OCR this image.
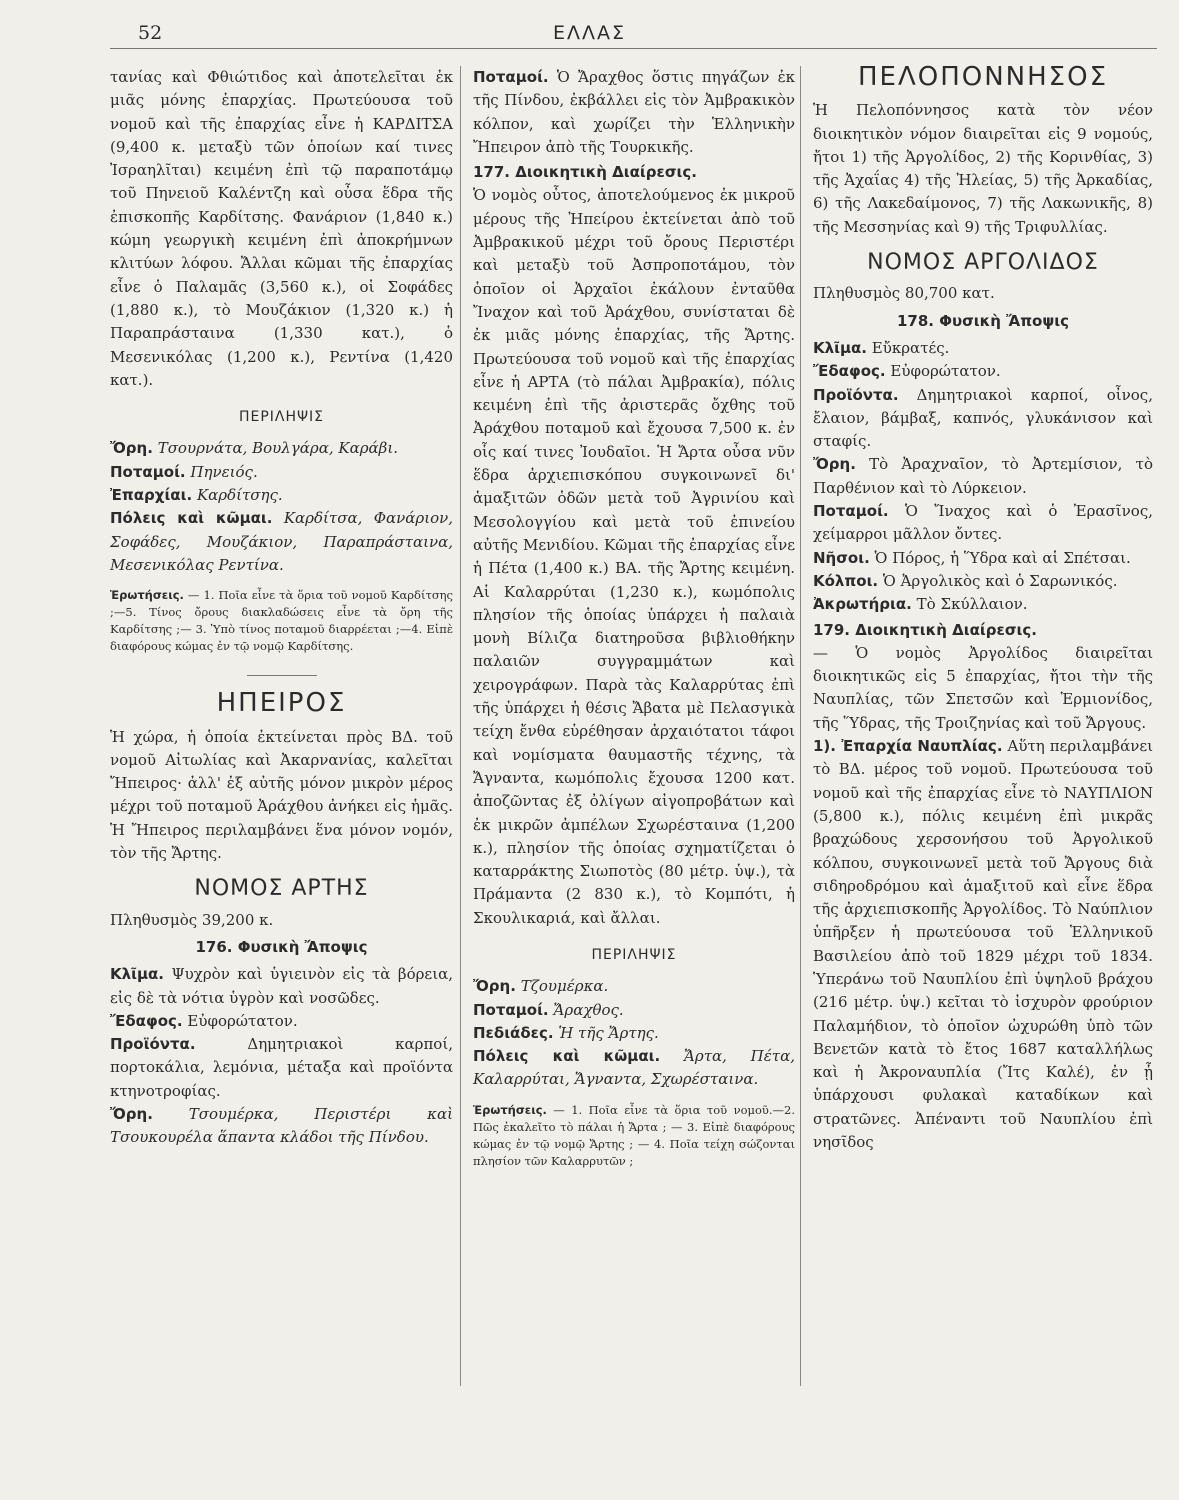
52	ΕΛΛΑΣ

τανίας καὶ Φθιώτιδος καὶ ἀποτελεῖται ἐκ μιᾶς μόνης ἐπαρχίας. Πρωτεύουσα τοῦ νομοῦ καὶ τῆς ἐπαρχίας εἶνε ἡ ΚΑΡΔΙΤΣΑ (9,400 κ. μεταξὺ τῶν ὁποίων καί τινες Ἰσραηλῖται) κειμένη ἐπὶ τῷ παραποτάμῳ τοῦ Πηνειοῦ Καλέντζη καὶ οὖσα ἕδρα τῆς ἐπισκοπῆς Καρδίτσης. Φανάριον (1,840 κ.) κώμη γεωργικὴ κειμένη ἐπὶ ἀποκρήμνων κλιτύων λόφου. Ἄλλαι κῶμαι τῆς ἐπαρχίας εἶνε ὁ Παλαμᾶς (3,560 κ.), οἱ Σοφάδες (1,880 κ.), τὸ Μουζάκιον (1,320 κ.) ἡ Παραπράσταινα (1,330 κατ.), ὁ Μεσενικόλας (1,200 κ.), Ρεντίνα (1,420 κατ.).

ΠΕΡΙΛΗΨΙΣ

Ὄρη. Τσουρνάτα, Βουλγάρα, Καράβι.

Ποταμοί. Πηνειός.

Ἐπαρχίαι. Καρδίτσης.

Πόλεις καὶ κῶμαι. Καρδίτσα, Φανάριον, Σοφάδες, Μουζάκιον, Παραπράσταινα, Μεσενικόλας Ρεντίνα.

Ἐρωτήσεις. — 1. Ποῖα εἶνε τὰ ὅρια τοῦ νομοῦ Καρδίτσης ;—5. Τίνος ὄρους διακλαδώσεις εἶνε τὰ ὄρη τῆς Καρδίτσης ;— 3. Ὑπὸ τίνος ποταμοῦ διαρρέεται ;—4. Εἰπὲ διαφόρους κώμας ἐν τῷ νομῷ Καρδίτσης.

ΗΠΕΙΡΟΣ

Ἡ χώρα, ἡ ὁποία ἐκτείνεται πρὸς ΒΔ. τοῦ νομοῦ Αἰτωλίας καὶ Ἀκαρνανίας, καλεῖται Ἤπειρος· ἀλλ' ἐξ αὐτῆς μόνον μικρὸν μέρος μέχρι τοῦ ποταμοῦ Ἀράχθου ἀνήκει εἰς ἡμᾶς. Ἡ Ἤπειρος περιλαμβάνει ἕνα μόνον νομόν, τὸν τῆς Ἄρτης.

ΝΟΜΟΣ ΑΡΤΗΣ

Πληθυσμὸς 39,200 κ.

176. Φυσικὴ Ἄποψις

Κλῖμα. Ψυχρὸν καὶ ὑγιεινὸν εἰς τὰ βόρεια, εἰς δὲ τὰ νότια ὑγρὸν καὶ νοσῶδες.

Ἔδαφος. Εὐφορώτατον.

Προϊόντα.	Δημητριακοὶ καρποί, πορτοκάλια, λεμόνια, μέταξα καὶ προϊόντα κτηνοτροφίας.

Ὄρη. Τσουμέρκα, Περιστέρι καὶ Τσουκουρέλα ἅπαντα κλάδοι τῆς Πίνδου.

Ποταμοί. Ὁ Ἄραχθος ὅστις πηγάζων ἐκ τῆς Πίνδου, ἐκβάλλει εἰς τὸν Ἀμβρακικὸν κόλπον, καὶ χωρίζει τὴν Ἑλληνικὴν Ἤπειρον ἀπὸ τῆς Τουρκικῆς.

177. Διοικητικὴ Διαίρεσις.

Ὁ νομὸς οὗτος, ἀποτελούμενος ἐκ μικροῦ μέρους τῆς Ἠπείρου ἐκτείνεται ἀπὸ τοῦ Ἀμβρακικοῦ μέχρι τοῦ ὄρους Περιστέρι καὶ μεταξὺ τοῦ Ἀσπροποτάμου, τὸν ὁποῖον οἱ Ἀρχαῖοι ἐκάλουν ἐνταῦθα Ἴναχον καὶ τοῦ Ἀράχθου, συνίσταται δὲ ἐκ μιᾶς μόνης ἐπαρχίας, τῆς Ἄρτης. Πρωτεύουσα τοῦ νομοῦ καὶ τῆς ἐπαρχίας εἶνε ἡ ΑΡΤΑ (τὸ πάλαι Ἀμβρακία), πόλις κειμένη ἐπὶ τῆς ἀριστερᾶς ὄχθης τοῦ Ἀράχθου ποταμοῦ καὶ ἔχουσα 7,500 κ. ἐν οἷς καί τινες Ἰουδαῖοι. Ἡ Ἄρτα οὖσα νῦν ἕδρα ἀρχιεπισκόπου συγκοινωνεῖ δι' ἁμαξιτῶν ὁδῶν μετὰ τοῦ Ἀγρινίου καὶ Μεσολογγίου καὶ μετὰ τοῦ ἐπινείου αὐτῆς Μενιδίου. Κῶμαι τῆς ἐπαρχίας εἶνε ἡ Πέτα (1,400 κ.) ΒΑ. τῆς Ἄρτης κειμένη. Αἱ Καλαρρύται (1,230 κ.), κωμόπολις πλησίον τῆς ὁποίας ὑπάρχει ἡ παλαιὰ μονὴ Βίλιζα διατηροῦσα βιβλιοθήκην παλαιῶν συγγραμμάτων καὶ χειρογράφων. Παρὰ τὰς Καλαρρύτας ἐπὶ τῆς ὑπάρχει ἡ θέσις Ἄβατα μὲ Πελασγικὰ τείχη ἔνθα εὑρέθησαν ἀρχαιότατοι τάφοι καὶ νομίσματα θαυμαστῆς τέχνης, τὰ Ἄγναντα, κωμόπολις ἔχουσα 1200 κατ. ἀποζῶντας ἐξ ὀλίγων αἰγοπροβάτων καὶ ἐκ μικρῶν ἀμπέλων Σχωρέσταινα (1,200 κ.), πλησίον τῆς ὁποίας σχηματίζεται ὁ καταρράκτης Σιωποτὸς (80 μέτρ. ὑψ.), τὰ Πράμαντα (2 830 κ.), τὸ Κομπότι, ἡ Σκουλικαριά, καὶ ἄλλαι.

ΠΕΡΙΛΗΨΙΣ

Ὄρη. Τζουμέρκα.

Ποταμοί. Ἄραχθος.

Πεδιάδες. Ἡ τῆς Ἄρτης.

Πόλεις καὶ κῶμαι. Ἄρτα, Πέτα, Καλαρρύται, Ἄγναντα, Σχωρέσταινα.

Ἐρωτήσεις. — 1. Ποῖα εἶνε τὰ ὅρια τοῦ νομοῦ.—2. Πῶς ἐκαλεῖτο τὸ πάλαι ἡ Ἄρτα ; — 3. Εἰπὲ διαφόρους κώμας ἐν τῷ νομῷ Ἄρτης ; — 4. Ποῖα τείχη σώζονται πλησίον τῶν Καλαρρυτῶν ;

ΠΕΛΟΠΟΝΝΗΣΟΣ

Ἡ Πελοπόννησος κατὰ τὸν νέον διοικητικὸν νόμον διαιρεῖται εἰς 9 νομούς, ἤτοι 1) τῆς Ἀργολίδος, 2) τῆς Κορινθίας, 3) τῆς Ἀχαΐας 4) τῆς Ἠλείας, 5) τῆς Ἀρκαδίας, 6) τῆς Λακεδαίμονος, 7) τῆς Λακωνικῆς, 8) τῆς Μεσσηνίας καὶ 9) τῆς Τριφυλλίας.

ΝΟΜΟΣ ΑΡΓΟΛΙΔΟΣ

Πληθυσμὸς 80,700 κατ.

178. Φυσικὴ Ἄποψις

Κλῖμα. Εὔκρατές.

Ἔδαφος. Εὐφορώτατον.

Προϊόντα. Δημητριακοὶ καρποί, οἶνος, ἔλαιον, βάμβαξ, καπνός, γλυκάνισον καὶ σταφίς.

Ὄρη. Τὸ Ἀραχναῖον, τὸ Ἀρτεμίσιον, τὸ Παρθένιον καὶ τὸ Λύρκειον.

Ποταμοί. Ὁ Ἴναχος καὶ ὁ Ἐρασῖνος, χείμαρροι μᾶλλον ὄντες.

Νῆσοι. Ὁ Πόρος, ἡ Ὕδρα καὶ αἱ Σπέτσαι.

Κόλποι. Ὁ Ἀργολικὸς καὶ ὁ Σαρωνικός.

Ἀκρωτήρια. Τὸ Σκύλλαιον.

179. Διοικητικὴ Διαίρεσις.

— Ὁ νομὸς Ἀργολίδος διαιρεῖται διοικητικῶς εἰς 5 ἐπαρχίας, ἤτοι τὴν τῆς Ναυπλίας, τῶν Σπετσῶν καὶ Ἑρμιονίδος, τῆς Ὕδρας, τῆς Τροιζηνίας καὶ τοῦ Ἄργους.

1). Ἐπαρχία Ναυπλίας. Αὕτη περιλαμβάνει τὸ ΒΔ. μέρος τοῦ νομοῦ. Πρωτεύουσα τοῦ νομοῦ καὶ τῆς ἐπαρχίας εἶνε τὸ ΝΑΥΠΛΙΟΝ (5,800 κ.), πόλις κειμένη ἐπὶ μικρᾶς βραχώδους χερσονήσου τοῦ Ἀργολικοῦ κόλπου, συγκοινωνεῖ μετὰ τοῦ Ἄργους διὰ σιδηροδρόμου καὶ ἁμαξιτοῦ καὶ εἶνε ἕδρα τῆς ἀρχιεπισκοπῆς Ἀργολίδος. Τὸ Ναύπλιον ὑπῆρξεν ἡ πρωτεύουσα τοῦ Ἑλληνικοῦ Βασιλείου ἀπὸ τοῦ 1829 μέχρι τοῦ 1834. Ὑπεράνω τοῦ Ναυπλίου ἐπὶ ὑψηλοῦ βράχου (216 μέτρ. ὑψ.) κεῖται τὸ ἰσχυρὸν φρούριον Παλαμήδιον, τὸ ὁποῖον ὠχυρώθη ὑπὸ τῶν Βενετῶν κατὰ τὸ ἔτος 1687 καταλλήλως καὶ ἡ Ἀκροναυπλία (Ἴτς Καλέ), ἐν ᾗ ὑπάρχουσι φυλακαὶ καταδίκων καὶ στρατῶνες. Ἀπέναντι τοῦ Ναυπλίου ἐπὶ νησῖδος
